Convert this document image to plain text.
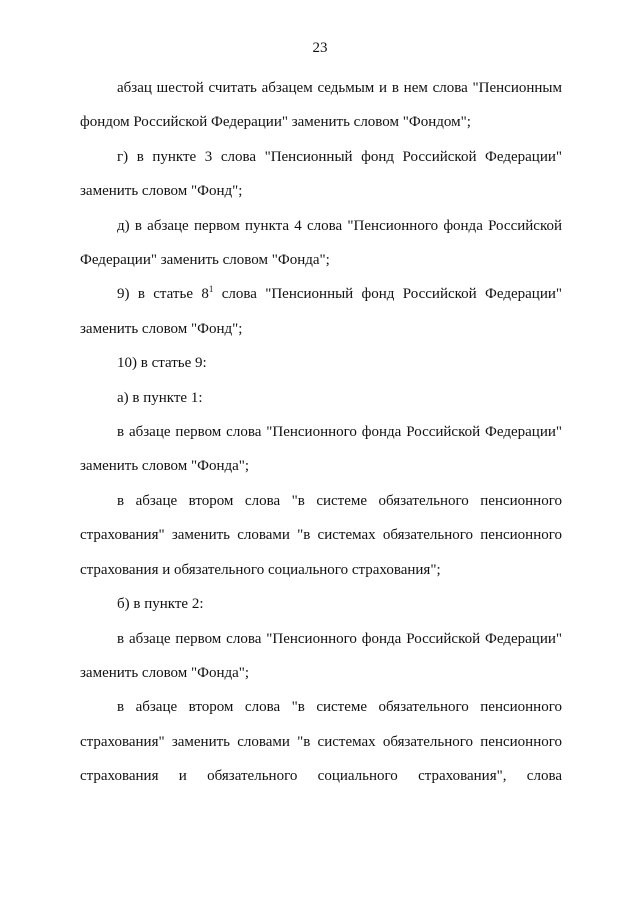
23

абзац шестой считать абзацем седьмым и в нем слова "Пенсионным фондом Российской Федерации" заменить словом "Фондом";

г) в пункте 3 слова "Пенсионный фонд Российской Федерации" заменить словом "Фонд";

д) в абзаце первом пункта 4 слова "Пенсионного фонда Российской Федерации" заменить словом "Фонда";

9) в статье $8^1$ слова "Пенсионный фонд Российской Федерации" заменить словом "Фонд";

10) в статье 9:

а) в пункте 1:

в абзаце первом слова "Пенсионного фонда Российской Федерации" заменить словом "Фонда";

в абзаце втором слова "в системе обязательного пенсионного страхования" заменить словами "в системах обязательного пенсионного страхования и обязательного социального страхования";

б) в пункте 2:

в абзаце первом слова "Пенсионного фонда Российской Федерации" заменить словом "Фонда";

в абзаце втором слова "в системе обязательного пенсионного страхования" заменить словами "в системах обязательного пенсионного страхования и обязательного социального страхования", слова
